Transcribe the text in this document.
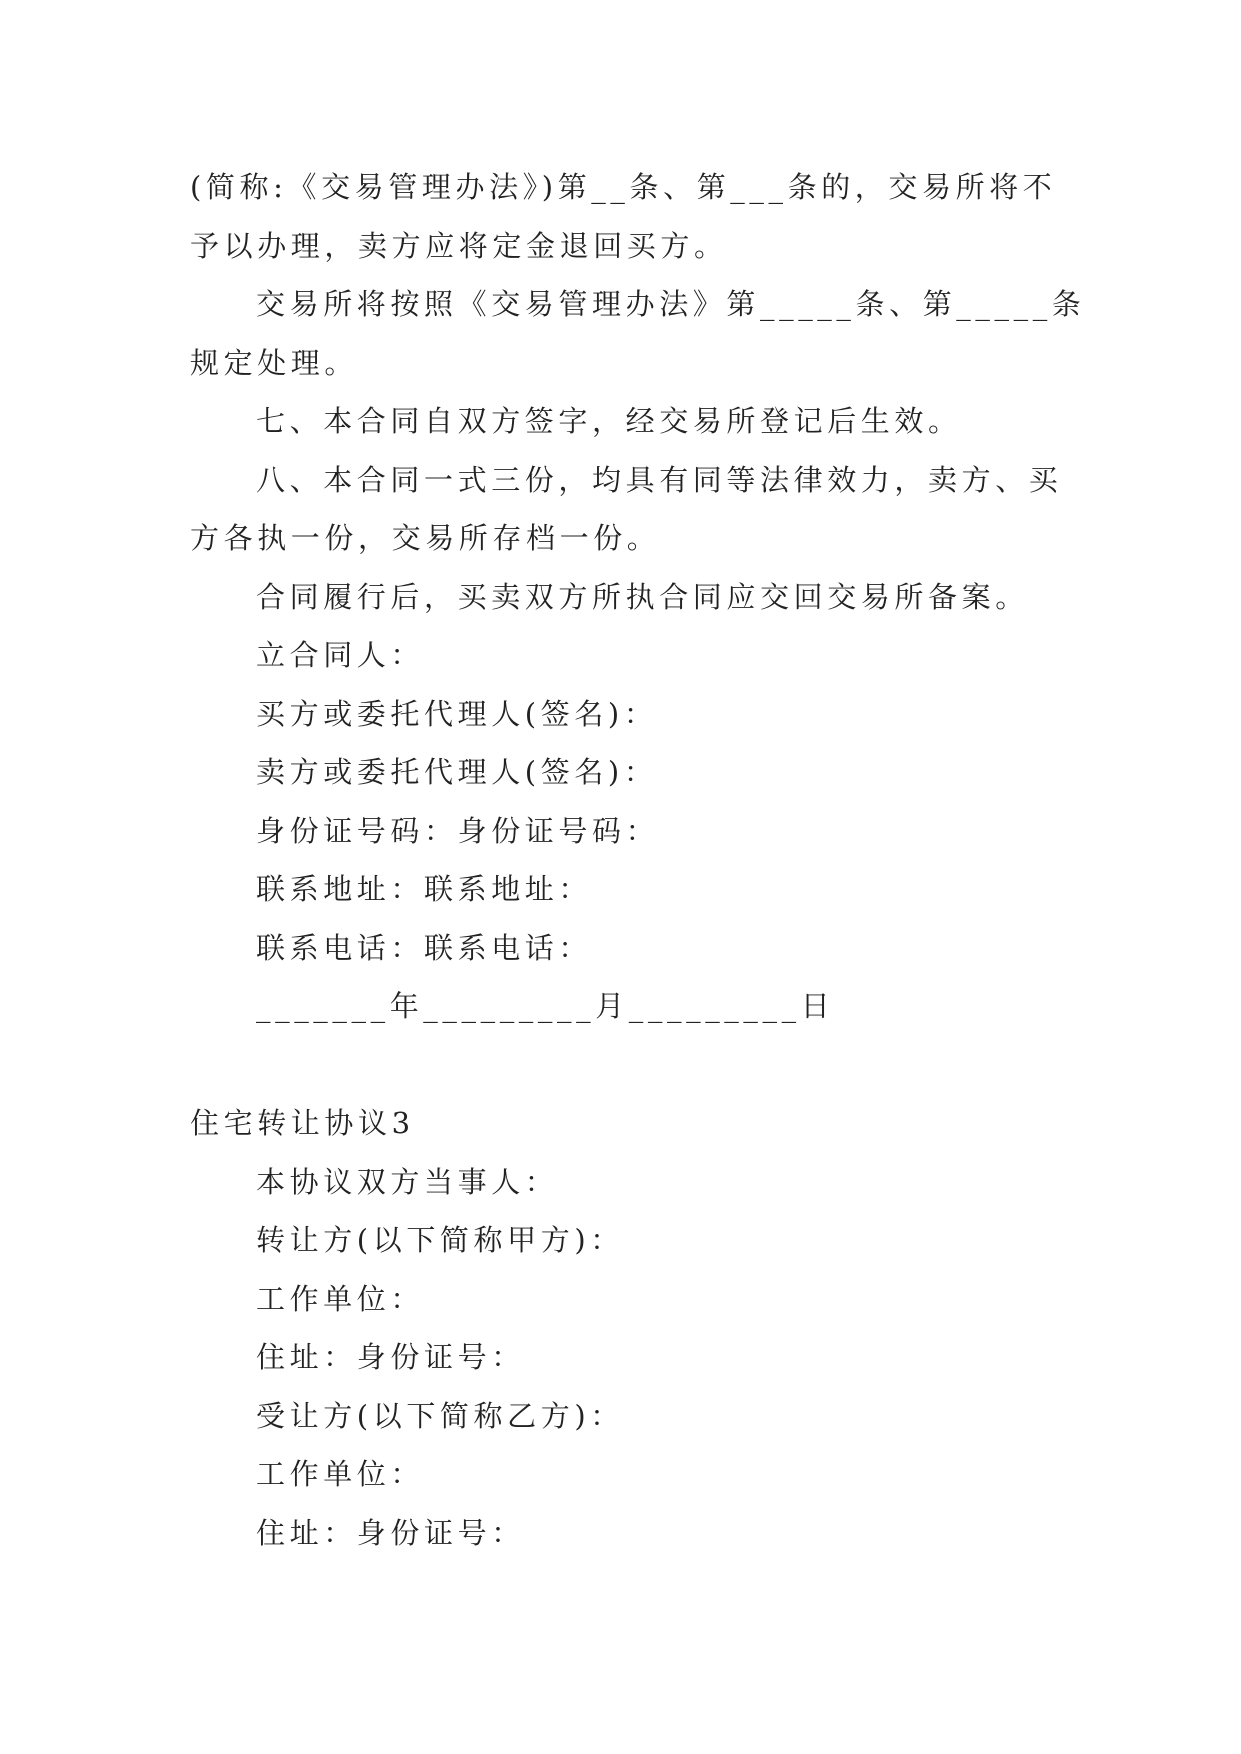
(简称:《交易管理办法》)第__条、第___条的，交易所将不

予以办理，卖方应将定金退回买方。

交易所将按照《交易管理办法》第_____条、第_____条

规定处理。

七、本合同自双方签字，经交易所登记后生效。

八、本合同一式三份，均具有同等法律效力，卖方、买

方各执一份，交易所存档一份。

合同履行后，买卖双方所执合同应交回交易所备案。

立合同人：

买方或委托代理人(签名)：

卖方或委托代理人(签名)：

身份证号码：身份证号码：

联系地址：联系地址：

联系电话：联系电话：

_______年_________月_________日

住宅转让协议3

本协议双方当事人：

转让方(以下简称甲方)：

工作单位：

住址：身份证号：

受让方(以下简称乙方)：

工作单位：

住址：身份证号：
